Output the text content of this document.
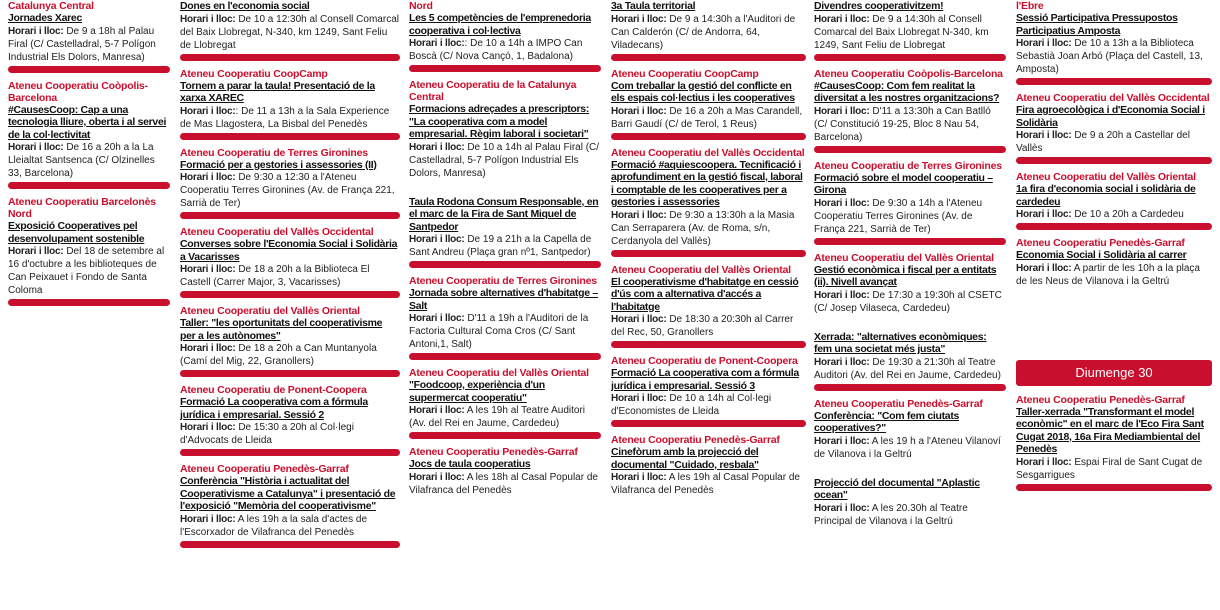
Catalunya Central
Jornades Xarec
Horari i lloc: De 9 a 18h al Palau Firal (C/ Castelladral, 5-7 Polígon Industrial Els Dolors, Manresa)
Ateneu Cooperatiu Coòpolis-Barcelona
#CausesCoop: Cap a una tecnologia lliure, oberta i al servei de la col·lectivitat
Horari i lloc: De 16 a 20h a la La Lleialtat Santsenca (C/ Olzinelles 33, Barcelona)
Ateneu Cooperatiu Barcelonès Nord
Exposició Cooperatives pel desenvolupament sostenible
Horari i lloc: Del 18 de setembre al 16 d'octubre a les biblioteques de Can Peixauet i Fondo de Santa Coloma
Dones en l'economia social
Horari i lloc: De 10 a 12:30h al Consell Comarcal del Baix Llobregat, N-340, km 1249, Sant Feliu de Llobregat
Ateneu Cooperatiu CoopCamp
Tornem a parar la taula! Presentació de la xarxa XAREC
Horari i lloc:: De 11 a 13h a la Sala Experience de Mas Llagostera, La Bisbal del Penedès
Ateneu Cooperatiu de Terres Gironines
Formació per a gestories i assessories (II)
Horari i lloc: De 9:30 a 12:30 a l'Ateneu Cooperatiu Terres Gironines (Av. de França 221, Sarrià de Ter)
Ateneu Cooperatiu del Vallès Occidental
Converses sobre l'Economia Social i Solidària a Vacarisses
Horari i lloc: De 18 a 20h a la Biblioteca El Castell (Carrer Major, 3, Vacarisses)
Ateneu Cooperatiu del Vallès Oriental
Taller: "les oportunitats del cooperativisme per a les autònomes"
Horari i lloc: De 18 a 20h a Can Muntanyola (Camí del Mig, 22, Granollers)
Ateneu Cooperatiu de Ponent-Coopera
Formació La cooperativa com a fórmula jurídica i empresarial. Sessió 2
Horari i lloc: De 15:30 a 20h al Col·legi d'Advocats de Lleida
Ateneu Cooperatiu Penedès-Garraf
Conferència "Història i actualitat del Cooperativisme a Catalunya" i presentació de l'exposició "Memòria del cooperativisme"
Horari i lloc: A les 19h a la sala d'actes de l'Escorxador de Vilafranca del Penedès
Nord
Les 5 competències de l'emprenedoria cooperativa i col·lectiva
Horari i lloc:: De 10 a 14h a IMPO Can Boscà (C/ Nova Cançó, 1, Badalona)
Ateneu Cooperatiu de la Catalunya Central
Formacions adreçades a prescriptors: "La cooperativa com a model empresarial. Règim laboral i societari"
Horari i lloc: De 10 a 14h al Palau Firal (C/ Castelladral, 5-7 Polígon Industrial Els Dolors, Manresa)
Taula Rodona Consum Responsable, en el marc de la Fira de Sant Miquel de Santpedor
Horari i lloc: De 19 a 21h a la Capella de Sant Andreu (Plaça gran nº1, Santpedor)
Ateneu Cooperatiu de Terres Gironines
Jornada sobre alternatives d'habitatge – Salt
Horari i lloc: D'11 a 19h a l'Auditori de la Factoria Cultural Coma Cros (C/ Sant Antoni,1, Salt)
Ateneu Cooperatiu del Vallès Oriental
"Foodcoop, experiència d'un supermercat cooperatiu"
Horari i lloc: A les 19h al Teatre Auditori (Av. del Rei en Jaume, Cardedeu)
Ateneu Cooperatiu Penedès-Garraf
Jocs de taula cooperatius
Horari i lloc: A les 18h al Casal Popular de Vilafranca del Penedès
3a Taula territorial
Horari i lloc: De 9 a 14:30h a l'Auditori de Can Calderón (C/ de Andorra, 64, Viladecans)
Ateneu Cooperatiu CoopCamp
Com treballar la gestió del conflicte en els espais col·lectius i les cooperatives
Horari i lloc: De 16 a 20h a Mas Carandell, Barri Gaudí (C/ de Terol, 1 Reus)
Ateneu Cooperatiu del Vallès Occidental
Formació #aquiescoopera. Tecnificació i aprofundiment en la gestió fiscal, laboral i comptable de les cooperatives per a gestories i assessories
Horari i lloc: De 9:30 a 13:30h a la Masia Can Serraparera (Av. de Roma, s/n, Cerdanyola del Vallès)
Ateneu Cooperatiu del Vallès Oriental
El cooperativisme d'habitatge en cessió d'ús com a alternativa d'accés a l'habitatge
Horari i lloc: De 18:30 a 20:30h al Carrer del Rec, 50, Granollers
Ateneu Cooperatiu de Ponent-Coopera
Formació La cooperativa com a fórmula jurídica i empresarial. Sessió 3
Horari i lloc: De 10 a 14h al Col·legi d'Economistes de Lleida
Ateneu Cooperatiu Penedès-Garraf
Cinefòrum amb la projecció del documental "Cuidado, resbala"
Horari i lloc: A les 19h al Casal Popular de Vilafranca del Penedès
Divendres cooperativitzem!
Horari i lloc: De 9 a 14:30h al Consell Comarcal del Baix Llobregat N-340, km 1249, Sant Feliu de Llobregat
Ateneu Cooperatiu Coòpolis-Barcelona
#CausesCoop: Com fem realitat la diversitat a les nostres organitzacions?
Horari i lloc: D'11 a 13:30h a Can Batlló (C/ Constitució 19-25, Bloc 8 Nau 54, Barcelona)
Ateneu Cooperatiu de Terres Gironines
Formació sobre el model cooperatiu – Girona
Horari i lloc: De 9:30 a 14h a l'Ateneu Cooperatiu Terres Gironines (Av. de França 221, Sarrià de Ter)
Ateneu Cooperatiu del Vallès Oriental
Gestió econòmica i fiscal per a entitats (ii). Nivell avançat
Horari i lloc: De 17:30 a 19:30h al CSETC (C/ Josep Vilaseca, Cardedeu)
Xerrada: "alternatives econòmiques: fem una societat més justa"
Horari i lloc: De 19:30 a 21:30h al Teatre Auditori (Av. del Rei en Jaume, Cardedeu)
Ateneu Cooperatiu Penedès-Garraf
Conferència: "Com fem ciutats cooperatives?"
Horari i lloc: A les 19 h a l'Ateneu Vilanoví de Vilanova i la Geltrú
Projecció del documental "Aplastic ocean"
Horari i lloc: A les 20.30h al Teatre Principal de Vilanova i la Geltrú
l'Ebre
Sessió Participativa Pressupostos Participatius Amposta
Horari i lloc: De 10 a 13h a la Biblioteca Sebastià Joan Arbó (Plaça del Castell, 13, Amposta)
Ateneu Cooperatiu del Vallès Occidental
Fira agroecològica i d'Economia Social i Solidària
Horari i lloc: De 9 a 20h a Castellar del Vallès
Ateneu Cooperatiu del Vallès Oriental
1a fira d'economia social i solidària de cardedeu
Horari i lloc: De 10 a 20h a Cardedeu
Ateneu Cooperatiu Penedès-Garraf
Economia Social i Solidària al carrer
Horari i lloc: A partir de les 10h a la plaça de les Neus de Vilanova i la Geltrú
Diumenge 30
Ateneu Cooperatiu Penedès-Garraf
Taller-xerrada "Transformant el model econòmic" en el marc de l'Eco Fira Sant Cugat 2018, 16a Fira Mediambiental del Penedès
Horari i lloc: Espai Firal de Sant Cugat de Sesgarrigues
